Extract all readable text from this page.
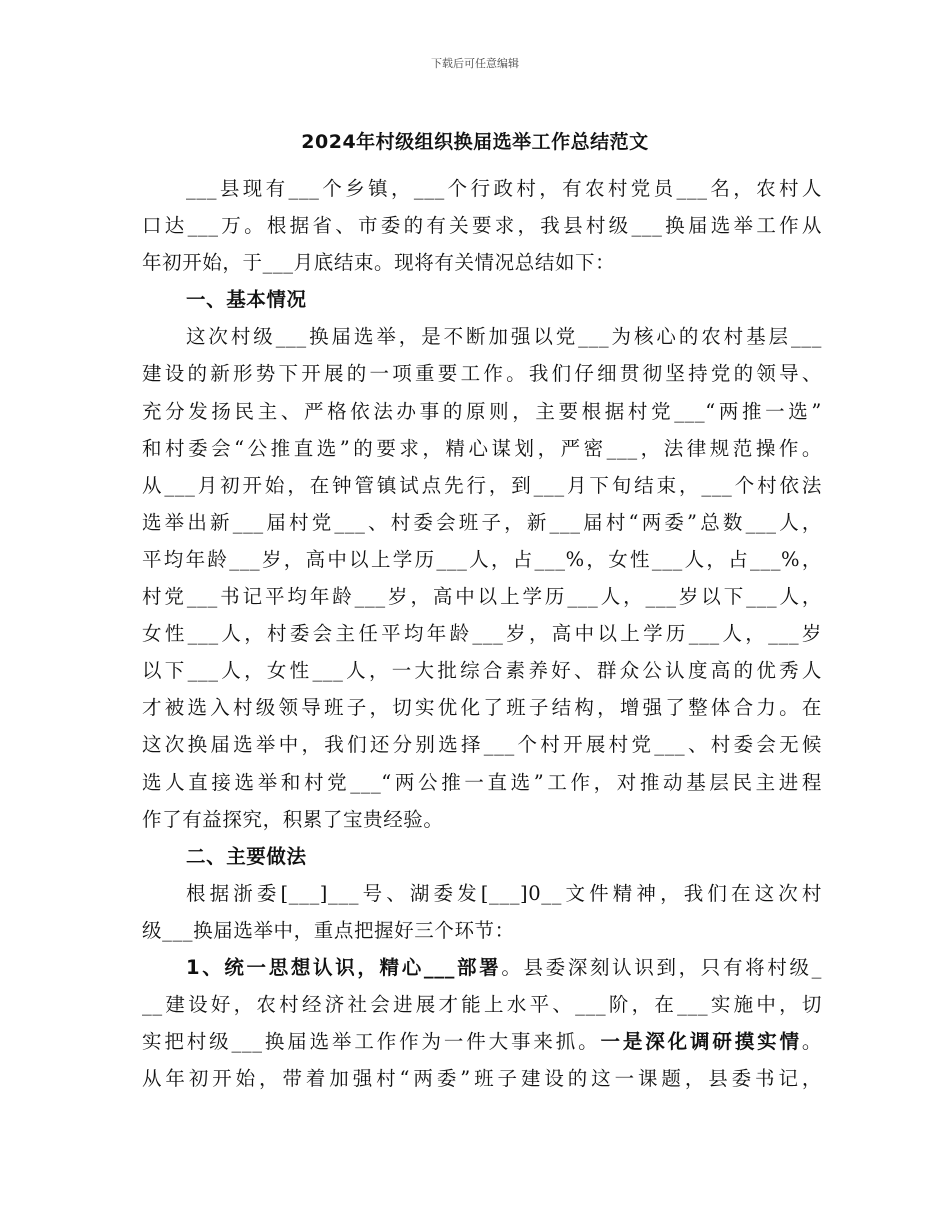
下载后可任意编辑
2024年村级组织换届选举工作总结范文
___县现有___个乡镇，___个行政村，有农村党员___名，农村人
口达___万。根据省、市委的有关要求，我县村级___换届选举工作从
年初开始，于___月底结束。现将有关情况总结如下：
一、基本情况
这次村级___换届选举，是不断加强以党___为核心的农村基层___
建设的新形势下开展的一项重要工作。我们仔细贯彻坚持党的领导、
充分发扬民主、严格依法办事的原则，主要根据村党___“两推一选”
和村委会“公推直选”的要求，精心谋划，严密___，法律规范操作。
从___月初开始，在钟管镇试点先行，到___月下旬结束，___个村依法
选举出新___届村党___、村委会班子，新___届村“两委”总数___人，
平均年龄___岁，高中以上学历___人，占___%，女性___人，占___%，
村党___书记平均年龄___岁，高中以上学历___人，___岁以下___人，
女性___人，村委会主任平均年龄___岁，高中以上学历___人，___岁
以下___人，女性___人，一大批综合素养好、群众公认度高的优秀人
才被选入村级领导班子，切实优化了班子结构，增强了整体合力。在
这次换届选举中，我们还分别选择___个村开展村党___、村委会无候
选人直接选举和村党___“两公推一直选”工作，对推动基层民主进程
作了有益探究，积累了宝贵经验。
二、主要做法
根据浙委[___]___号、湖委发[___]0__文件精神，我们在这次村
级___换届选举中，重点把握好三个环节：
1、统一思想认识，精心___部署。县委深刻认识到，只有将村级_
__建设好，农村经济社会进展才能上水平、___阶，在___实施中，切
实把村级___换届选举工作作为一件大事来抓。一是深化调研摸实情。
从年初开始，带着加强村“两委”班子建设的这一课题，县委书记，
